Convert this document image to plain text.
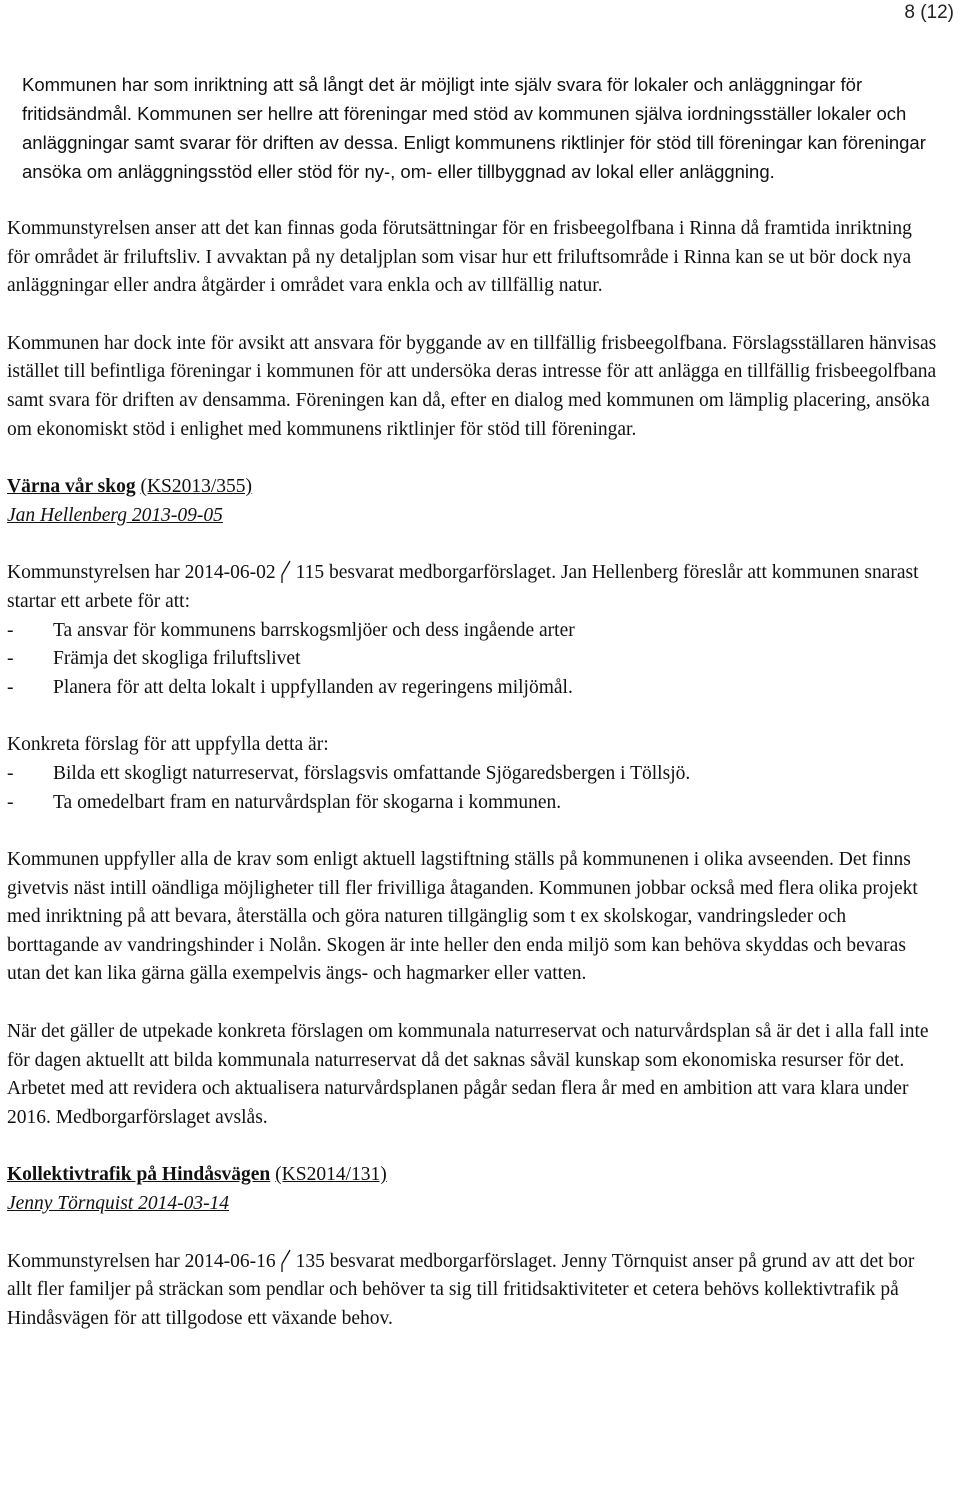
8 (12)

Kommunen har som inriktning att så långt det är möjligt inte själv svara för lokaler och anläggningar för fritidsändmål. Kommunen ser hellre att föreningar med stöd av kommunen själva iordningsställer lokaler och anläggningar samt svarar för driften av dessa. Enligt kommunens riktlinjer för stöd till föreningar kan föreningar ansöka om anläggningsstöd eller stöd för ny-, om- eller tillbyggnad av lokal eller anläggning.

Kommunstyrelsen anser att det kan finnas goda förutsättningar för en frisbeegolfbana i Rinna då framtida inriktning för området är friluftsliv. I avvaktan på ny detaljplan som visar hur ett friluftsområde i Rinna kan se ut bör dock nya anläggningar eller andra åtgärder i området vara enkla och av tillfällig natur.

Kommunen har dock inte för avsikt att ansvara för byggande av en tillfällig frisbeegolfbana. Förslagsställaren hänvisas istället till befintliga föreningar i kommunen för att undersöka deras intresse för att anlägga en tillfällig frisbeegolfbana samt svara för driften av densamma. Föreningen kan då, efter en dialog med kommunen om lämplig placering, ansöka om ekonomiskt stöd i enlighet med kommunens riktlinjer för stöd till föreningar.

Värna vår skog (KS2013/355)
Jan Hellenberg 2013-09-05

Kommunstyrelsen har 2014-06-02 115 besvarat medborgarförslaget. Jan Hellenberg föreslår att kommunen snarast startar ett arbete för att:

-	Ta ansvar för kommunens barrskogsmljöer och dess ingående arter
-	Främja det skogliga friluftslivet
-	Planera för att delta lokalt i uppfyllanden av regeringens miljömål.

Konkreta förslag för att uppfylla detta är:

-	Bilda ett skogligt naturreservat, förslagsvis omfattande Sjögaredsbergen i Töllsjö.
-	Ta omedelbart fram en naturvårdsplan för skogarna i kommunen.

Kommunen uppfyller alla de krav som enligt aktuell lagstiftning ställs på kommunenen i olika avseenden. Det finns givetvis näst intill oändliga möjligheter till fler frivilliga åtaganden. Kommunen jobbar också med flera olika projekt med inriktning på att bevara, återställa och göra naturen tillgänglig som t ex skolskogar, vandringsleder och borttagande av vandringshinder i Nolån. Skogen är inte heller den enda miljö som kan behöva skyddas och bevaras utan det kan lika gärna gälla exempelvis ängs- och hagmarker eller vatten.

När det gäller de utpekade konkreta förslagen om kommunala naturreservat och naturvårdsplan så är det i alla fall inte för dagen aktuellt att bilda kommunala naturreservat då det saknas såväl kunskap som ekonomiska resurser för det. Arbetet med att revidera och aktualisera naturvårdsplanen pågår sedan flera år med en ambition att vara klara under 2016. Medborgarförslaget avslås.

Kollektivtrafik på Hindåsvägen (KS2014/131)
Jenny Törnquist 2014-03-14

Kommunstyrelsen har 2014-06-16 135 besvarat medborgarförslaget. Jenny Törnquist anser på grund av att det bor allt fler familjer på sträckan som pendlar och behöver ta sig till fritidsaktiviteter et cetera behövs kollektivtrafik på Hindåsvägen för att tillgodose ett växande behov.
